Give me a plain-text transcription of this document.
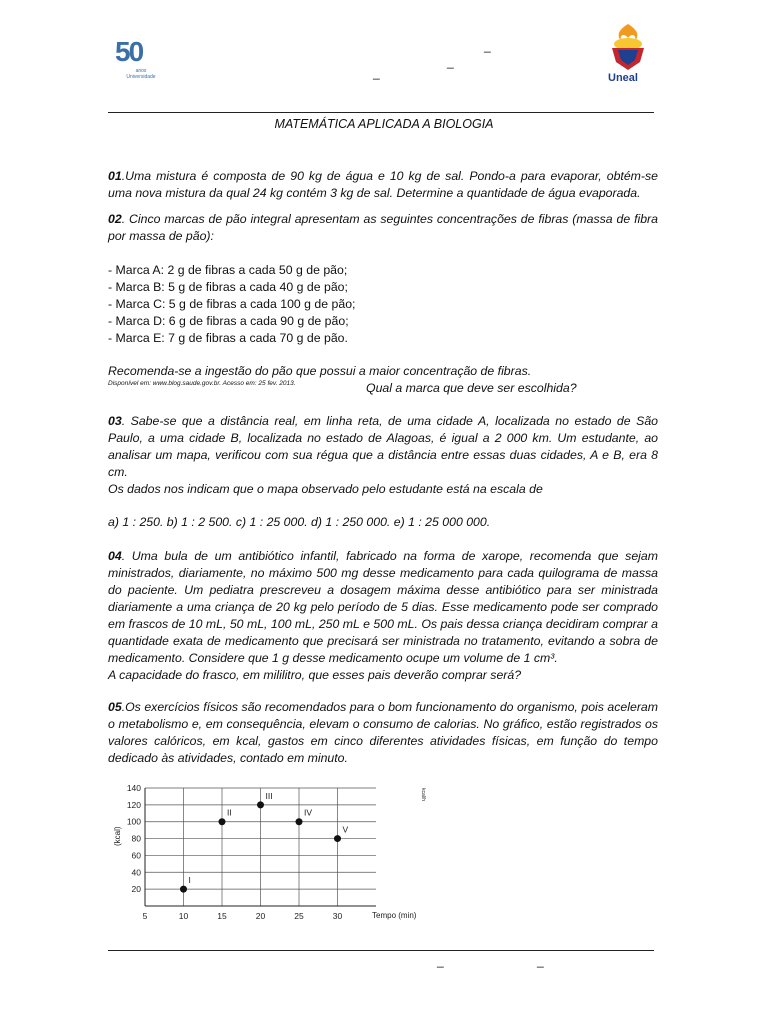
50
anos Universidade	Uneal
_
_
_
MATEMÁTICA APLICADA A BIOLOGIA

01.Uma mistura é composta de 90 kg de água e 10 kg de sal. Pondo-a para evaporar, obtém-se uma nova mistura da qual 24 kg contém 3 kg de sal. Determine a quantidade de água evaporada.

02. Cinco marcas de pão integral apresentam as seguintes concentrações de fibras (massa de fibra por massa de pão):

- Marca A: 2 g de fibras a cada 50 g de pão;

- Marca B: 5 g de fibras a cada 40 g de pão;

- Marca C: 5 g de fibras a cada 100 g de pão;

- Marca D: 6 g de fibras a cada 90 g de pão;

- Marca E: 7 g de fibras a cada 70 g de pão.

Recomenda-se a ingestão do pão que possui a maior concentração de fibras.
Disponível em: www.blog.saude.gov.br. Acesso em: 25 fev. 2013.	Qual a marca que deve ser escolhida?

03. Sabe-se que a distância real, em linha reta, de uma cidade A, localizada no estado de São Paulo, a uma cidade B, localizada no estado de Alagoas, é igual a 2 000 km. Um estudante, ao analisar um mapa, verificou com sua régua que a distância entre essas duas cidades, A e B, era 8 cm.

Os dados nos indicam que o mapa observado pelo estudante está na escala de

a) 1 : 250. b) 1 : 2 500. c) 1 : 25 000. d) 1 : 250 000. e) 1 : 25 000 000.

04. Uma bula de um antibiótico infantil, fabricado na forma de xarope, recomenda que sejam ministrados, diariamente, no máximo 500 mg desse medicamento para cada quilograma de massa do paciente. Um pediatra prescreveu a dosagem máxima desse antibiótico para ser ministrada diariamente a uma criança de 20 kg pelo período de 5 dias. Esse medicamento pode ser comprado em frascos de 10 mL, 50 mL, 100 mL, 250 mL e 500 mL. Os pais dessa criança decidiram comprar a quantidade exata de medicamento que precisará ser ministrada no tratamento, evitando a sobra de medicamento. Considere que 1 g desse medicamento ocupe um volume de 1 cm³.

A capacidade do frasco, em mililitro, que esses pais deverão comprar será?

05.Os exercícios físicos são recomendados para o bom funcionamento do organismo, pois aceleram o metabolismo e, em consequência, elevam o consumo de calorias. No gráfico, estão registrados os valores calóricos, em kcal, gastos em cinco diferentes atividades físicas, em função do tempo dedicado às atividades, contado em minuto.

20
40
60
80
100
120
140
5	10	15	20	25	30
I
II
III
IV
V
Tempo (min)
(kcal)
kcal/h
_	_
